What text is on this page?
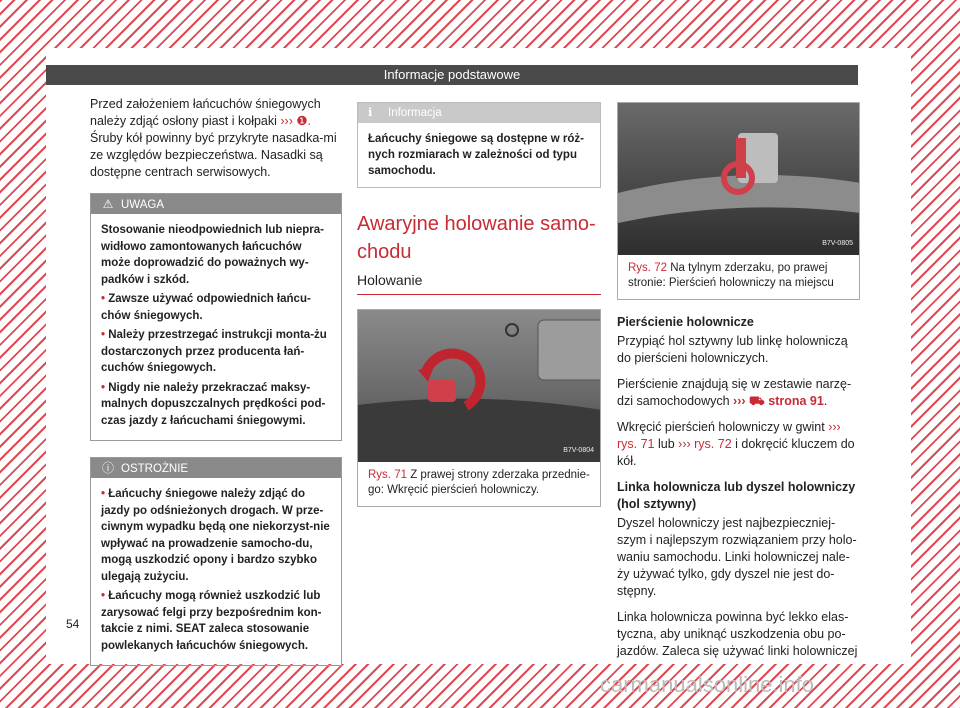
Informacje podstawowe

Przed założeniem łańcuchów śniegowych należy zdjąć osłony piast i kołpaki ››› ❶. Śruby kół powinny być przykryte nasadka-mi ze względów bezpieczeństwa. Nasadki są dostępne centrach serwisowych.

⚠ UWAGA
Stosowanie nieodpowiednich lub niepra-widłowo zamontowanych łańcuchów może doprowadzić do poważnych wy-padków i szkód.
• Zawsze używać odpowiednich łańcu-chów śniegowych.
• Należy przestrzegać instrukcji monta-żu dostarczonych przez producenta łań-cuchów śniegowych.
• Nigdy nie należy przekraczać maksy-malnych dopuszczalnych prędkości pod-czas jazdy z łańcuchami śniegowymi.
ⓘ OSTROŻNIE
• Łańcuchy śniegowe należy zdjąć do jazdy po odśnieżonych drogach. W prze-ciwnym wypadku będą one niekorzyst-nie wpływać na prowadzenie samocho-du, mogą uszkodzić opony i bardzo szybko ulegają zużyciu.
• Łańcuchy mogą również uszkodzić lub zarysować felgi przy bezpośrednim kon-takcie z nimi. SEAT zaleca stosowanie powlekanych łańcuchów śniegowych.
ℹ Informacja
Łańcuchy śniegowe są dostępne w róż-nych rozmiarach w zależności od typu samochodu.
Awaryjne holowanie samo-chodu
Holowanie
B7V-0804
Rys. 71 Z prawej strony zderzaka przednie-go: Wkręcić pierścień holowniczy.
B7V-0805
Rys. 72 Na tylnym zderzaku, po prawej stronie: Pierścień holowniczy na miejscu

Pierścienie holownicze

Przypiąć hol sztywny lub linkę holowniczą do pierścieni holowniczych.

Pierścienie znajdują się w zestawie narzę-dzi samochodowych ››› ⛟ strona 91.

Wkręcić pierścień holowniczy w gwint ››› rys. 71 lub ››› rys. 72 i dokręcić kluczem do kół.

Linka holownicza lub dyszel holowniczy (hol sztywny)

Dyszel holowniczy jest najbezpieczniej-szym i najlepszym rozwiązaniem przy holo-waniu samochodu. Linki holowniczej nale-ży używać tylko, gdy dyszel nie jest do-stępny.

Linka holownicza powinna być lekko elas-tyczna, aby uniknąć uszkodzenia obu po-jazdów. Zaleca się używać linki holowniczej

54
carmanualsonline.info
